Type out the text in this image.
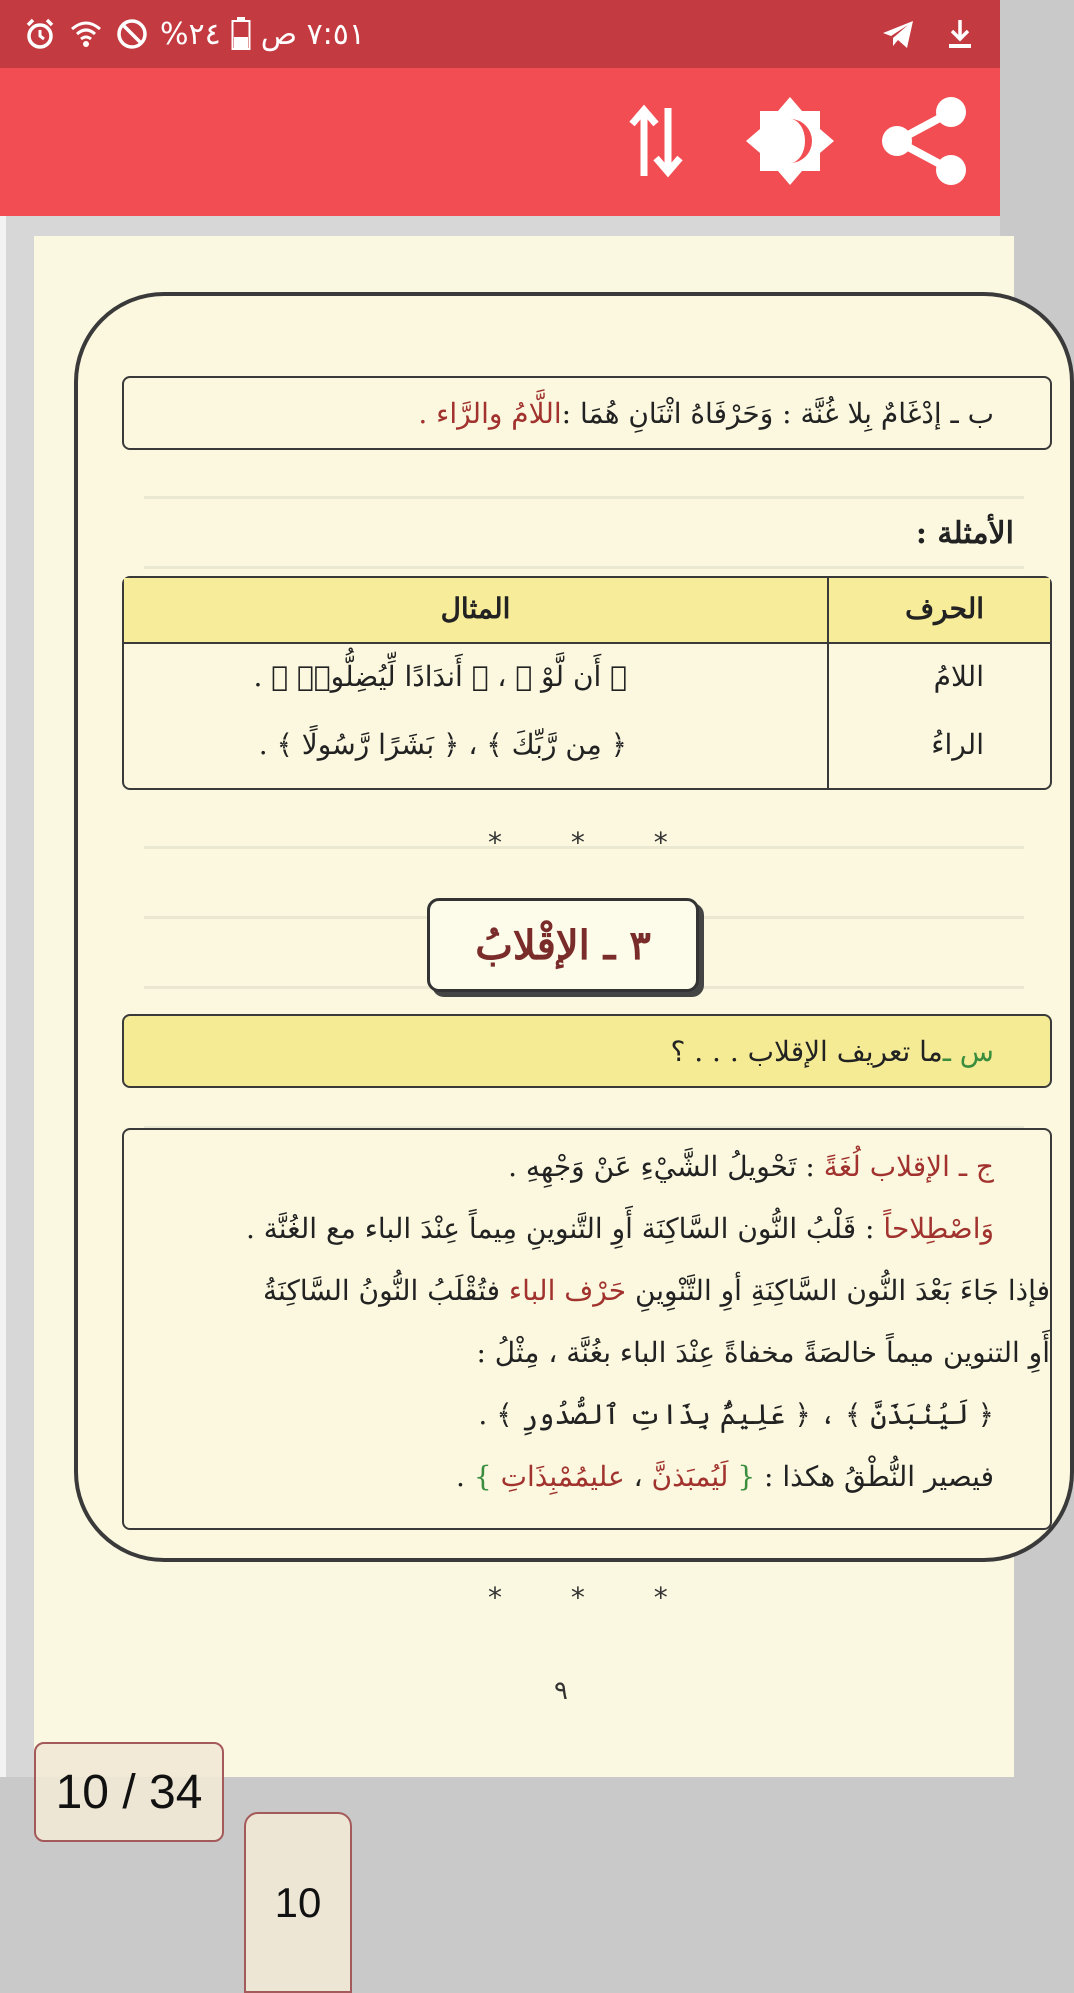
%٢٤ ٧:٥١ ص
ب ـ إدْغَامٌ بِلا غُنَّة : وَحَرْفَاهُ اثْنَانِ هُمَا :
اللَّامُ والرَّاء .
الأمثلة :
الحرف
المثال
اللامُ
﴿ أَن لَّوْ ﴾ ، ﴿ أَندَادًا لِّيُضِلُّوا۟ ﴾ .
الراءُ
﴿ مِن رَّبِّكَ ﴾ ، ﴿ بَشَرًا رَّسُولًا ﴾ .
* * *
٣ ـ الإقْلابُ
س ـ
ما تعريف الإقلاب . . . ؟
ج ـ الإقلاب لُغَةً : تَحْويلُ الشَّيْءِ عَنْ وَجْهِهِ .
وَاصْطِلاحاً : قَلْبُ النُّون السَّاكِنَة أَوِ التَّنوينِ مِيماً عِنْدَ الباء مع الغُنَّة .
فإذا جَاءَ بَعْدَ النُّون السَّاكِنَةِ أوِ التَّنْوِينِ حَرْف الباء فتُقْلَبُ النُّونُ السَّاكِنَةُ
أَوِ التنوين ميماً خالصَةً مخفاةً عِنْدَ الباء بغُنَّة ، مِثْلُ :
﴿ لَيُنۢبَذَنَّ ﴾ ، ﴿ عَلِيمٌۢ بِذَاتِ ٱلصُّدُورِ ﴾ .
فيصير النُّطْقُ هكذا : { لَيُمبَذنَّ ، عليمُمْبِذَاتِ } .
* * *
٩
10 / 34
10
